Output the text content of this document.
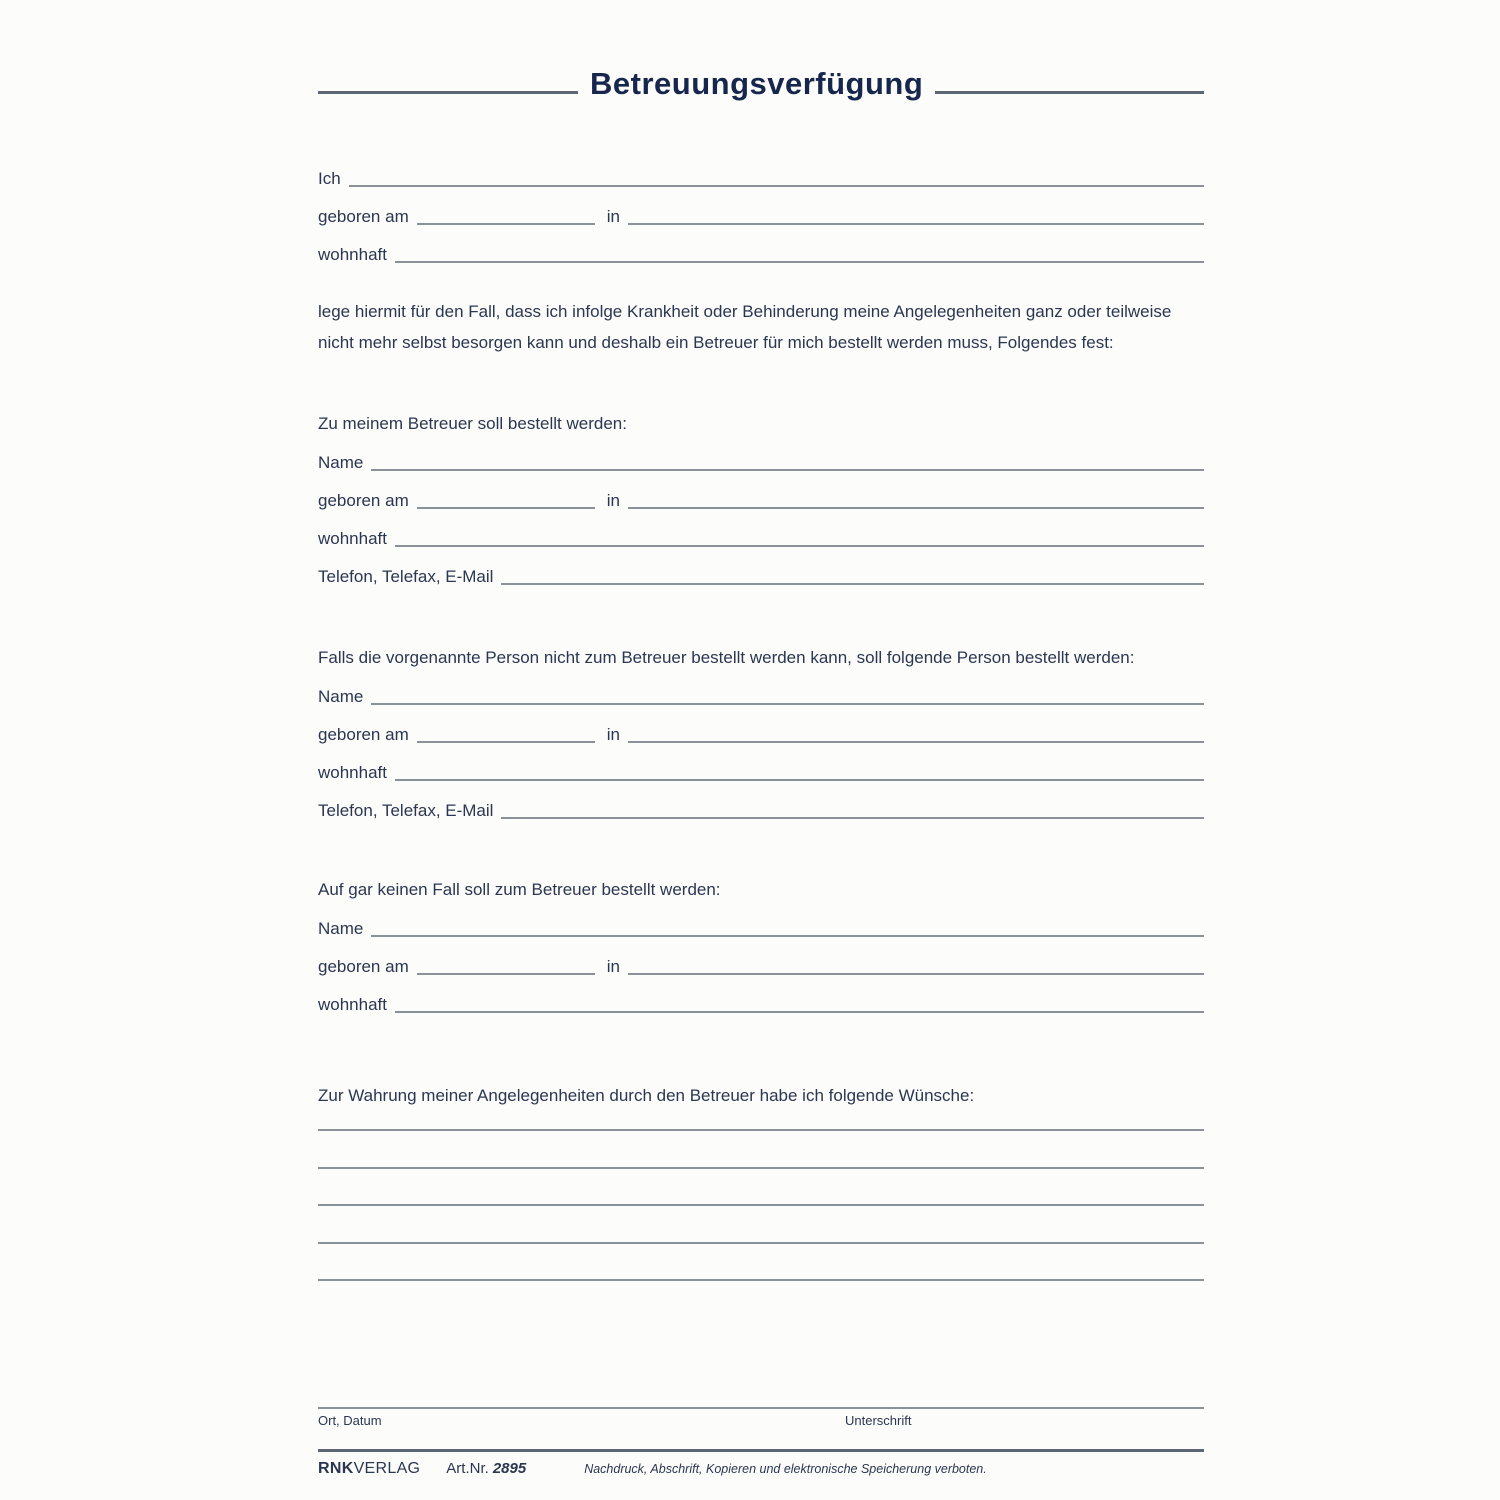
Betreuungsverfügung
Ich
geboren am	in
wohnhaft

lege hiermit für den Fall, dass ich infolge Krankheit oder Behinderung meine Angelegenheiten ganz oder teilweise nicht mehr selbst besorgen kann und deshalb ein Betreuer für mich bestellt werden muss, Folgendes fest:

Zu meinem Betreuer soll bestellt werden:

Name
geboren am	in
wohnhaft
Telefon, Telefax, E-Mail

Falls die vorgenannte Person nicht zum Betreuer bestellt werden kann, soll folgende Person bestellt werden:

Name
geboren am	in
wohnhaft
Telefon, Telefax, E-Mail

Auf gar keinen Fall soll zum Betreuer bestellt werden:

Name
geboren am	in
wohnhaft

Zur Wahrung meiner Angelegenheiten durch den Betreuer habe ich folgende Wünsche:

Ort, Datum	Unterschrift
RNKVERLAG Art.Nr. 2895	Nachdruck, Abschrift, Kopieren und elektronische Speicherung verboten.
